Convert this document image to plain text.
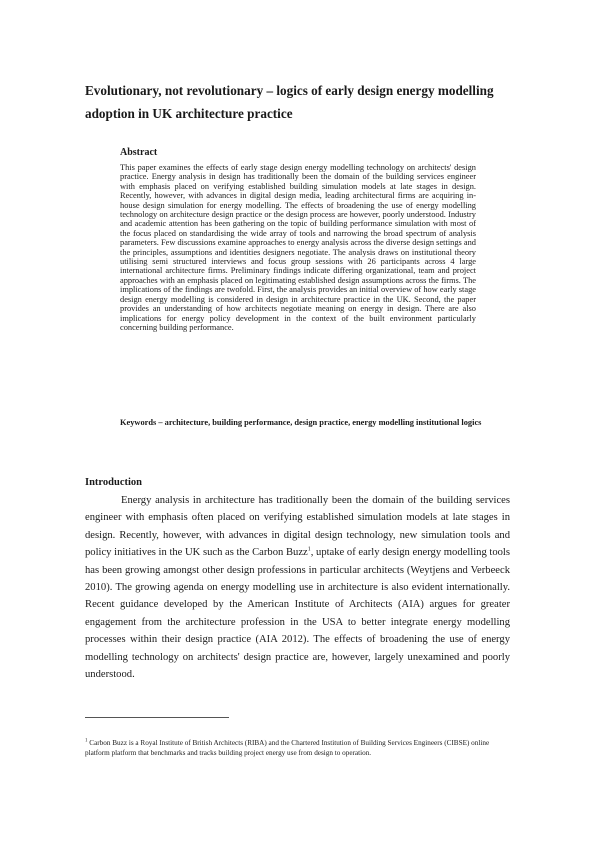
Evolutionary, not revolutionary – logics of early design energy modelling adoption in UK architecture practice
Abstract

This paper examines the effects of early stage design energy modelling technology on architects' design practice. Energy analysis in design has traditionally been the domain of the building services engineer with emphasis placed on verifying established building simulation models at late stages in design. Recently, however, with advances in digital design media, leading architectural firms are acquiring in-house design simulation for energy modelling. The effects of broadening the use of energy modelling technology on architecture design practice or the design process are however, poorly understood. Industry and academic attention has been gathering on the topic of building performance simulation with most of the focus placed on standardising the wide array of tools and narrowing the broad spectrum of analysis parameters. Few discussions examine approaches to energy analysis across the diverse design settings and the principles, assumptions and identities designers negotiate. The analysis draws on institutional theory utilising semi structured interviews and focus group sessions with 26 participants across 4 large international architecture firms. Preliminary findings indicate differing organizational, team and project approaches with an emphasis placed on legitimating established design assumptions across the firms. The implications of the findings are twofold. First, the analysis provides an initial overview of how early stage design energy modelling is considered in design in architecture practice in the UK. Second, the paper provides an understanding of how architects negotiate meaning on energy in design. There are also implications for energy policy development in the context of the built environment particularly concerning building performance.

Keywords – architecture, building performance, design practice, energy modelling institutional logics

Introduction

Energy analysis in architecture has traditionally been the domain of the building services engineer with emphasis often placed on verifying established simulation models at late stages in design. Recently, however, with advances in digital design technology, new simulation tools and policy initiatives in the UK such as the Carbon Buzz$^1$, uptake of early design energy modelling tools has been growing amongst other design professions in particular architects (Weytjens and Verbeeck 2010). The growing agenda on energy modelling use in architecture is also evident internationally. Recent guidance developed by the American Institute of Architects (AIA) argues for greater engagement from the architecture profession in the USA to better integrate energy modelling processes within their design practice (AIA 2012). The effects of broadening the use of energy modelling technology on architects' design practice are, however, largely unexamined and poorly understood.

$^1$ Carbon Buzz is a Royal Institute of British Architects (RIBA) and the Chartered Institution of Building Services Engineers (CIBSE) online platform platform that benchmarks and tracks building project energy use from design to operation.
